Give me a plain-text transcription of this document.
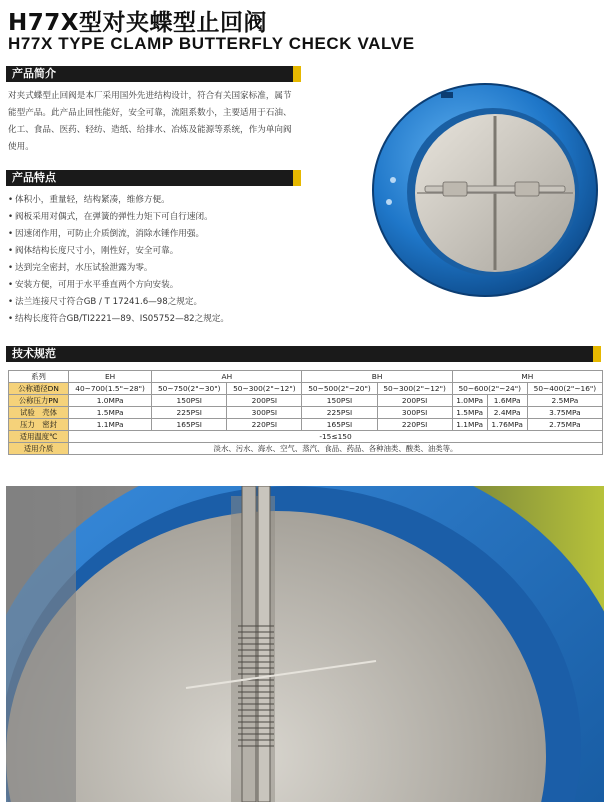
H77X型对夹蝶型止回阀
H77X TYPE CLAMP BUTTERFLY CHECK VALVE
产品简介
对夹式蝶型止回阀是本厂采用国外先进结构设计，符合有关国家标准，属节能型产品。此产品止回性能好，安全可靠，流阻系数小，主要适用于石油、化工、食品、医药、轻纺、造纸、给排水、冶炼及能源等系统，作为单向阀使用。
产品特点
• 体积小，重量轻，结构紧凑，维修方便。
• 阀板采用对偶式，在弹簧的弹性力矩下可自行速闭。
• 因速闭作用，可防止介质倒流，消除水锤作用强。
• 阀体结构长度尺寸小，刚性好，安全可靠。
• 达到完全密封，水压试验泄露为零。
• 安装方便，可用于水平垂直两个方向安装。
• 法兰连接尺寸符合GB / T 17241.6—98之规定。
• 结构长度符合GB/TI2221—89、IS05752—82之规定。
技术规范
系列	EH	AH		BH		MH		
公称通径DN	40~700(1.5"~28")	50~750(2"~30")	50~300(2"~12")	50~500(2"~20")	50~300(2"~12")	50~600(2"~24")		50~400(2"~16")
公称压力PN	1.0MPa	150PSI	200PSI	150PSI	200PSI	1.0MPa	1.6MPa	2.5MPa
试验　壳体	1.5MPa	225PSI	300PSI	225PSI	300PSI	1.5MPa	2.4MPa	3.75MPa
压力　密封	1.1MPa	165PSI	220PSI	165PSI	220PSI	1.1MPa	1.76MPa	2.75MPa
适用温度℃	-15≤150							
适用介质	淡水、污水、海水、空气、蒸汽、食品、药品、各种油类、酸类、油类等。							
